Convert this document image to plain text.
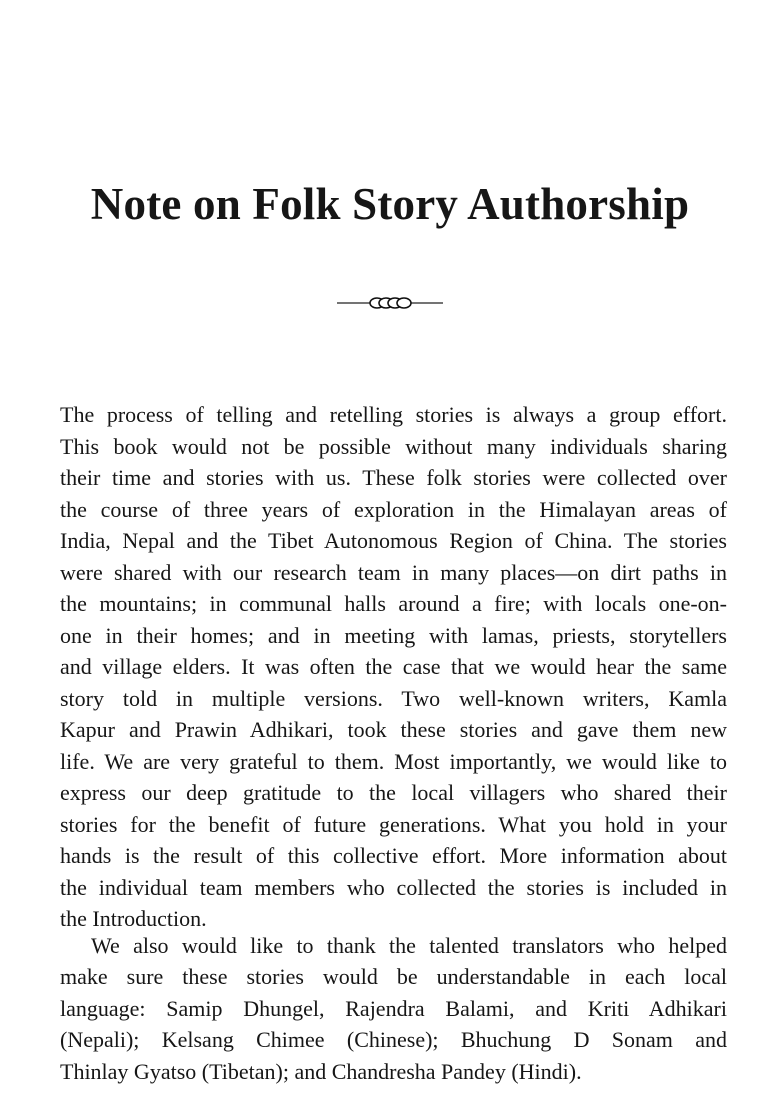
Note on Folk Story Authorship
The process of telling and retelling stories is always a group effort.
This book would not be possible without many individuals sharing
their time and stories with us. These folk stories were collected over
the course of three years of exploration in the Himalayan areas of
India, Nepal and the Tibet Autonomous Region of China. The stories
were shared with our research team in many places—on dirt paths in
the mountains; in communal halls around a fire; with locals one-on-
one in their homes; and in meeting with lamas, priests, storytellers
and village elders. It was often the case that we would hear the same
story told in multiple versions. Two well-known writers, Kamla
Kapur and Prawin Adhikari, took these stories and gave them new
life. We are very grateful to them. Most importantly, we would like to
express our deep gratitude to the local villagers who shared their
stories for the benefit of future generations. What you hold in your
hands is the result of this collective effort. More information about
the individual team members who collected the stories is included in
the Introduction.
We also would like to thank the talented translators who helped
make sure these stories would be understandable in each local
language: Samip Dhungel, Rajendra Balami, and Kriti Adhikari
(Nepali); Kelsang Chimee (Chinese); Bhuchung D Sonam and
Thinlay Gyatso (Tibetan); and Chandresha Pandey (Hindi).
